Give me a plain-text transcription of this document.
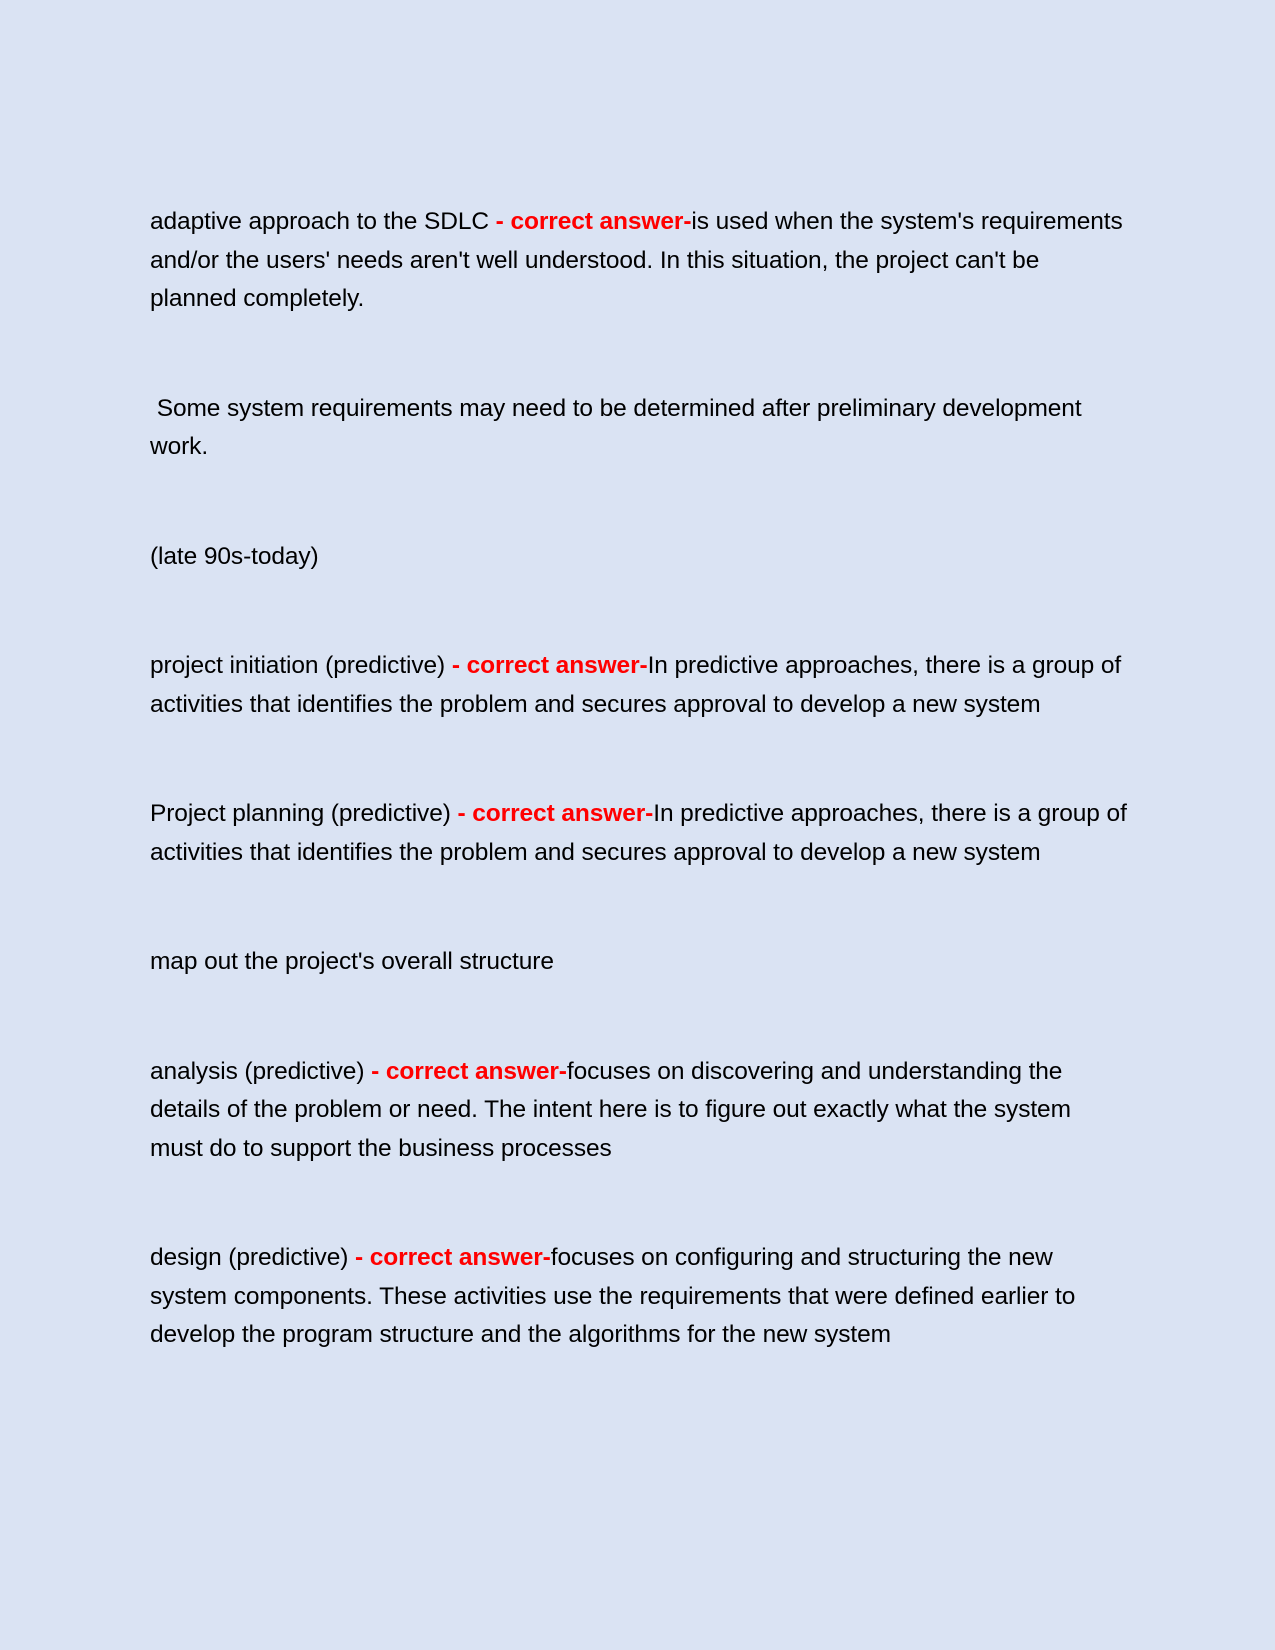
adaptive approach to the SDLC - correct answer-is used when the system's requirements and/or the users' needs aren't well understood. In this situation, the project can't be planned completely.

Some system requirements may need to be determined after preliminary development work.

(late 90s-today)

project initiation (predictive) - correct answer-In predictive approaches, there is a group of activities that identifies the problem and secures approval to develop a new system

Project planning (predictive) - correct answer-In predictive approaches, there is a group of activities that identifies the problem and secures approval to develop a new system

map out the project's overall structure

analysis (predictive) - correct answer-focuses on discovering and understanding the details of the problem or need. The intent here is to figure out exactly what the system must do to support the business processes

design (predictive) - correct answer-focuses on configuring and structuring the new system components. These activities use the requirements that were defined earlier to develop the program structure and the algorithms for the new system
